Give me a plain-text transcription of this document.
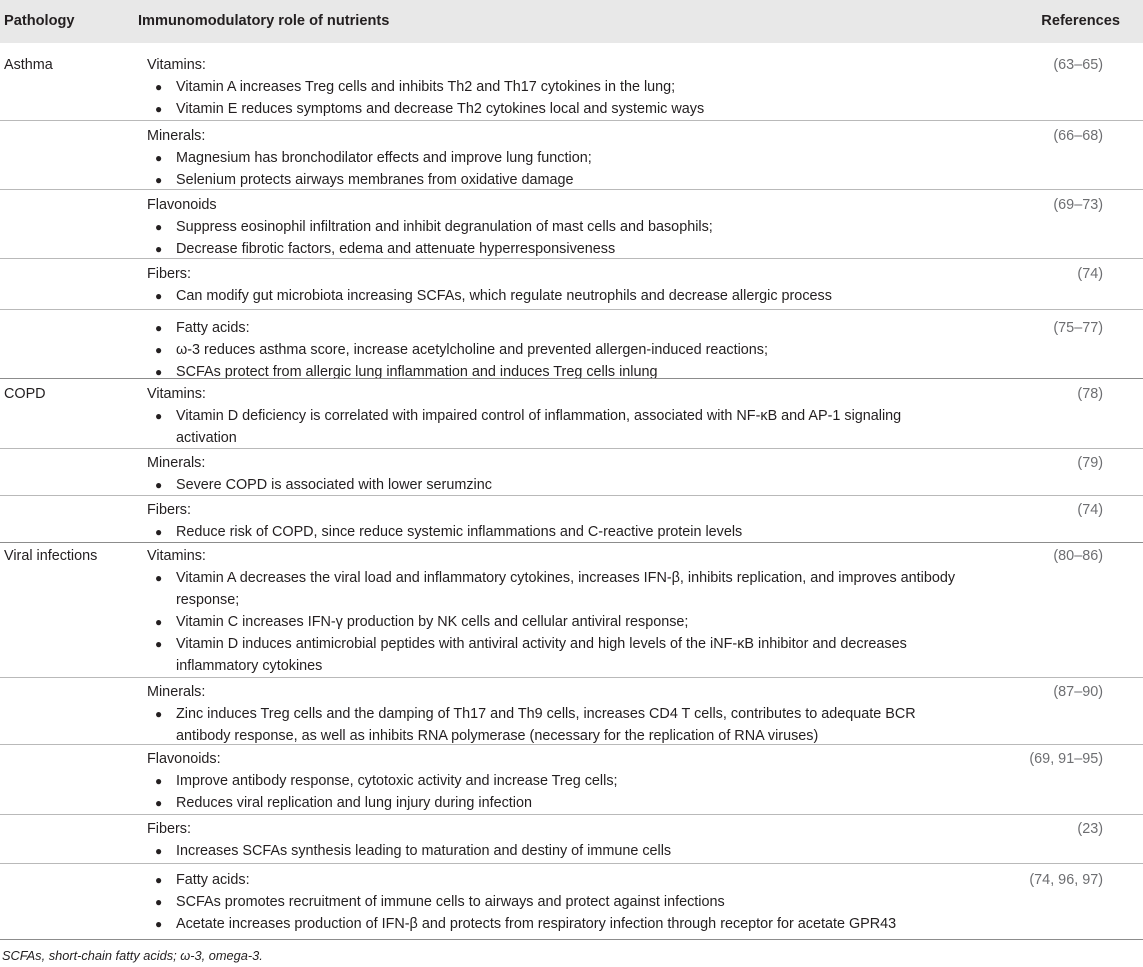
Pathology	Immunomodulatory role of nutrients	References
Asthma	Vitamins:	(63–65)
● Vitamin A increases Treg cells and inhibits Th2 and Th17 cytokines in the lung;
● Vitamin E reduces symptoms and decrease Th2 cytokines local and systemic ways
Minerals:	(66–68)
● Magnesium has bronchodilator effects and improve lung function;
● Selenium protects airways membranes from oxidative damage
Flavonoids	(69–73)
● Suppress eosinophil infiltration and inhibit degranulation of mast cells and basophils;
● Decrease fibrotic factors, edema and attenuate hyperresponsiveness
Fibers:	(74)
● Can modify gut microbiota increasing SCFAs, which regulate neutrophils and decrease allergic process
● Fatty acids:	(75–77)
● ω-3 reduces asthma score, increase acetylcholine and prevented allergen-induced reactions;
● SCFAs protect from allergic lung inflammation and induces Treg cells inlung
COPD	Vitamins:	(78)
● Vitamin D deficiency is correlated with impaired control of inflammation, associated with NF-κB and AP-1 signaling activation
Minerals:	(79)
● Severe COPD is associated with lower serumzinc
Fibers:	(74)
● Reduce risk of COPD, since reduce systemic inflammations and C-reactive protein levels
Viral infections	Vitamins:	(80–86)
● Vitamin A decreases the viral load and inflammatory cytokines, increases IFN-β, inhibits replication, and improves antibody response;
● Vitamin C increases IFN-γ production by NK cells and cellular antiviral response;
● Vitamin D induces antimicrobial peptides with antiviral activity and high levels of the iNF-κB inhibitor and decreases inflammatory cytokines
Minerals:	(87–90)
● Zinc induces Treg cells and the damping of Th17 and Th9 cells, increases CD4 T cells, contributes to adequate BCR antibody response, as well as inhibits RNA polymerase (necessary for the replication of RNA viruses)
Flavonoids:	(69, 91–95)
● Improve antibody response, cytotoxic activity and increase Treg cells;
● Reduces viral replication and lung injury during infection
Fibers:	(23)
● Increases SCFAs synthesis leading to maturation and destiny of immune cells
● Fatty acids:	(74, 96, 97)
● SCFAs promotes recruitment of immune cells to airways and protect against infections
● Acetate increases production of IFN-β and protects from respiratory infection through receptor for acetate GPR43
SCFAs, short-chain fatty acids; ω-3, omega-3.
